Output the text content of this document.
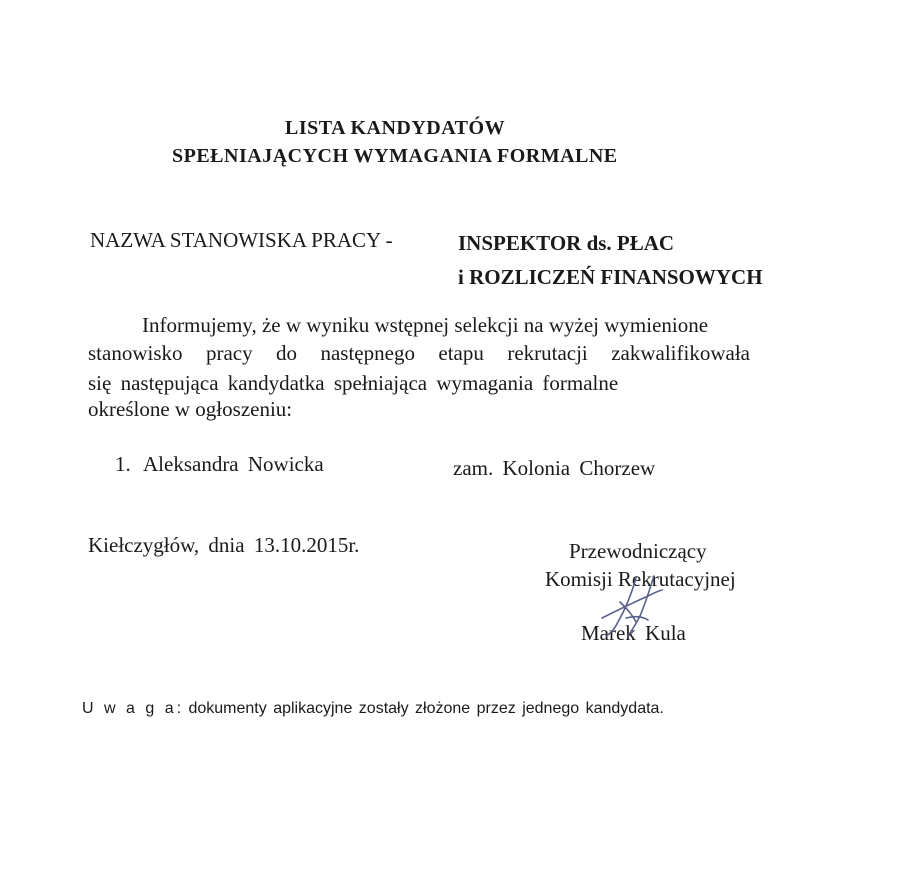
LISTA KANDYDATÓW
SPEŁNIAJĄCYCH WYMAGANIA FORMALNE
NAZWA STANOWISKA PRACY -	INSPEKTOR ds. PŁAC
i ROZLICZEŃ FINANSOWYCH
Informujemy, że w wyniku wstępnej selekcji na wyżej wymienione
stanowisko pracy do następnego etapu rekrutacji zakwalifikowała
się następująca kandydatka spełniająca wymagania formalne
określone w ogłoszeniu:
1. Aleksandra Nowicka	zam. Kolonia Chorzew
Kiełczygłów, dnia 13.10.2015r.	Przewodniczący
Komisji Rekrutacyjnej
Marek Kula
U w a g a: dokumenty aplikacyjne zostały złożone przez jednego kandydata.
